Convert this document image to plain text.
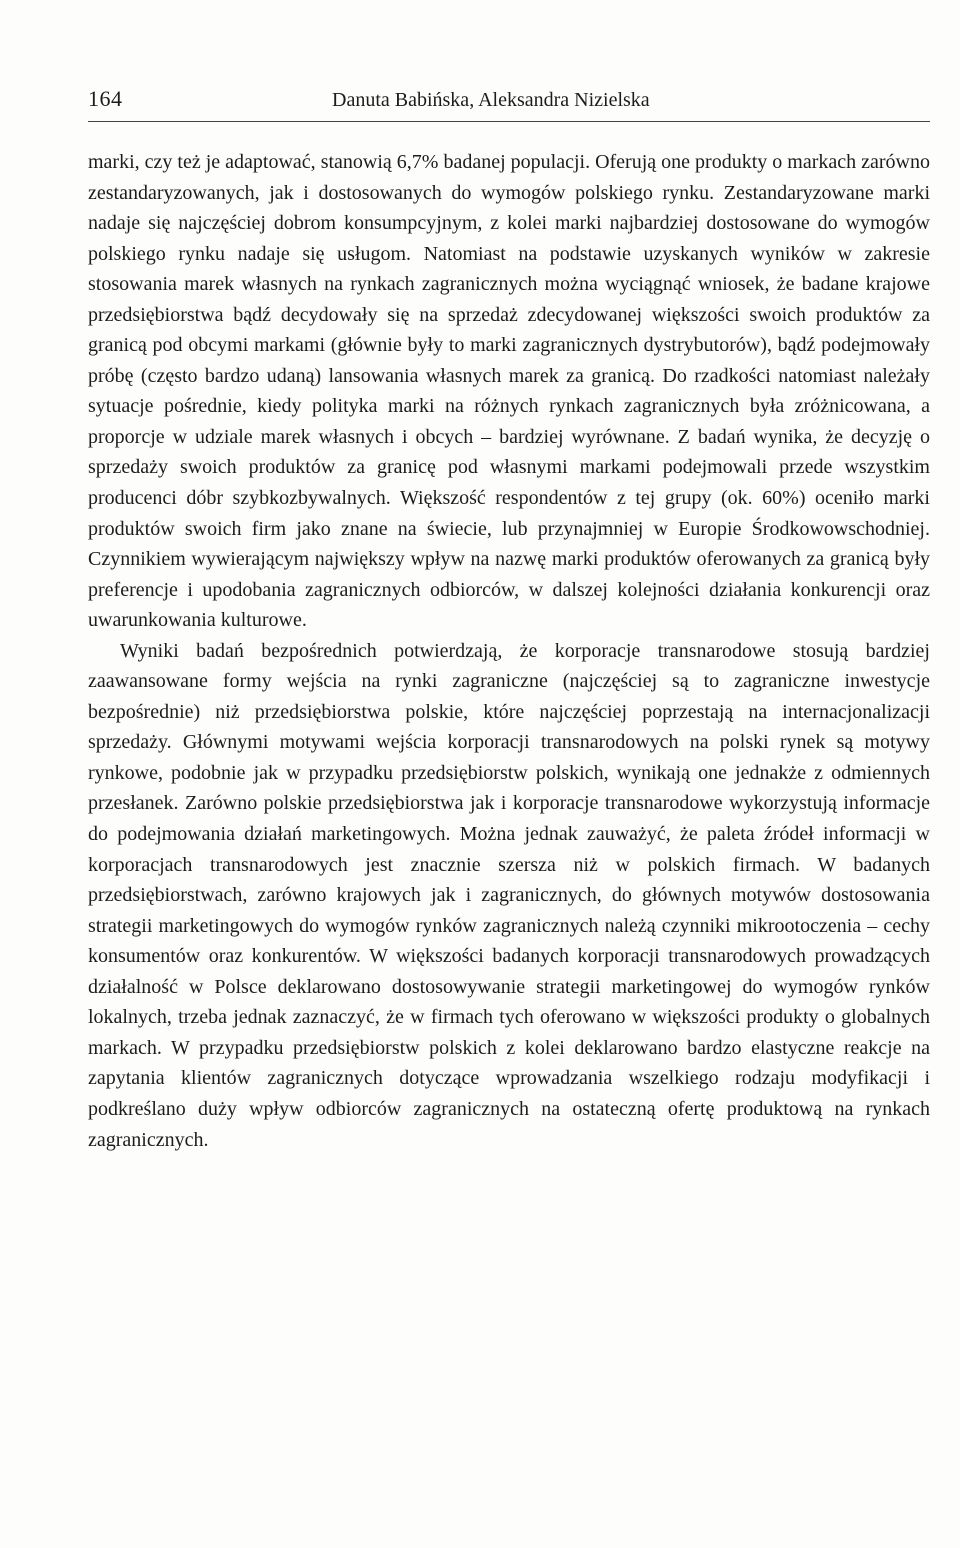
164	Danuta Babińska, Aleksandra Nizielska

marki, czy też je adaptować, stanowią 6,7% badanej populacji. Oferują one produkty o markach zarówno zestandaryzowanych, jak i dostosowanych do wymogów polskiego rynku. Zestandaryzowane marki nadaje się najczęściej dobrom konsumpcyjnym, z kolei marki najbardziej dostosowane do wymogów polskiego rynku nadaje się usługom. Natomiast na podstawie uzyskanych wyników w zakresie stosowania marek własnych na rynkach zagranicznych można wyciągnąć wniosek, że badane krajowe przedsiębiorstwa bądź decydowały się na sprzedaż zdecydowanej większości swoich produktów za granicą pod obcymi markami (głównie były to marki zagranicznych dystrybutorów), bądź podejmowały próbę (często bardzo udaną) lansowania własnych marek za granicą. Do rzadkości natomiast należały sytuacje pośrednie, kiedy polityka marki na różnych rynkach zagranicznych była zróżnicowana, a proporcje w udziale marek własnych i obcych – bardziej wyrównane. Z badań wynika, że decyzję o sprzedaży swoich produktów za granicę pod własnymi markami podejmowali przede wszystkim producenci dóbr szybkozbywalnych. Większość respondentów z tej grupy (ok. 60%) oceniło marki produktów swoich firm jako znane na świecie, lub przynajmniej w Europie Środkowowschodniej. Czynnikiem wywierającym największy wpływ na nazwę marki produktów oferowanych za granicą były preferencje i upodobania zagranicznych odbiorców, w dalszej kolejności działania konkurencji oraz uwarunkowania kulturowe.

Wyniki badań bezpośrednich potwierdzają, że korporacje transnarodowe stosują bardziej zaawansowane formy wejścia na rynki zagraniczne (najczęściej są to zagraniczne inwestycje bezpośrednie) niż przedsiębiorstwa polskie, które najczęściej poprzestają na internacjonalizacji sprzedaży. Głównymi motywami wejścia korporacji transnarodowych na polski rynek są motywy rynkowe, podobnie jak w przypadku przedsiębiorstw polskich, wynikają one jednakże z odmiennych przesłanek. Zarówno polskie przedsiębiorstwa jak i korporacje transnarodowe wykorzystują informacje do podejmowania działań marketingowych. Można jednak zauważyć, że paleta źródeł informacji w korporacjach transnarodowych jest znacznie szersza niż w polskich firmach. W badanych przedsiębiorstwach, zarówno krajowych jak i zagranicznych, do głównych motywów dostosowania strategii marketingowych do wymogów rynków zagranicznych należą czynniki mikrootoczenia – cechy konsumentów oraz konkurentów. W większości badanych korporacji transnarodowych prowadzących działalność w Polsce deklarowano dostosowywanie strategii marketingowej do wymogów rynków lokalnych, trzeba jednak zaznaczyć, że w firmach tych oferowano w większości produkty o globalnych markach. W przypadku przedsiębiorstw polskich z kolei deklarowano bardzo elastyczne reakcje na zapytania klientów zagranicznych dotyczące wprowadzania wszelkiego rodzaju modyfikacji i podkreślano duży wpływ odbiorców zagranicznych na ostateczną ofertę produktową na rynkach zagranicznych.
